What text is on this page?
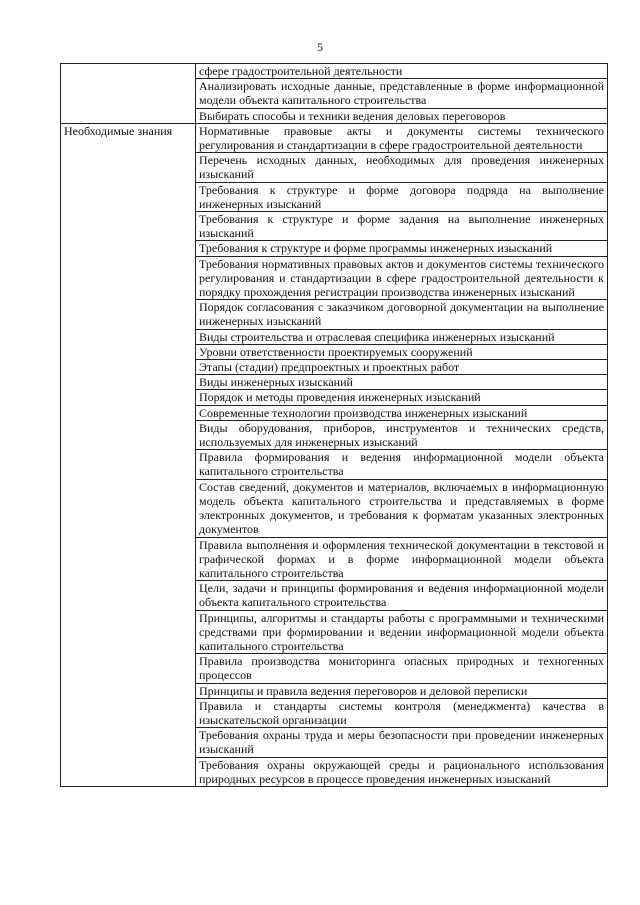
5
	сфере градостроительной деятельности
	Анализировать исходные данные, представленные в форме информационной модели объекта капитального строительства
	Выбирать способы и техники ведения деловых переговоров
Необходимые знания	Нормативные правовые акты и документы системы технического регулирования и стандартизации в сфере градостроительной деятельности
	Перечень исходных данных, необходимых для проведения инженерных изысканий
	Требования к структуре и форме договора подряда на выполнение инженерных изысканий
	Требования к структуре и форме задания на выполнение инженерных изысканий
	Требования к структуре и форме программы инженерных изысканий
	Требования нормативных правовых актов и документов системы технического регулирования и стандартизации в сфере градостроительной деятельности к порядку прохождения регистрации производства инженерных изысканий
	Порядок согласования с заказчиком договорной документации на выполнение инженерных изысканий
	Виды строительства и отраслевая специфика инженерных изысканий
	Уровни ответственности проектируемых сооружений
	Этапы (стадии) предпроектных и проектных работ
	Виды инженерных изысканий
	Порядок и методы проведения инженерных изысканий
	Современные технологии производства инженерных изысканий
	Виды оборудования, приборов, инструментов и технических средств, используемых для инженерных изысканий
	Правила формирования и ведения информационной модели объекта капитального строительства
	Состав сведений, документов и материалов, включаемых в информационную модель объекта капитального строительства и представляемых в форме электронных документов, и требования к форматам указанных электронных документов
	Правила выполнения и оформления технической документации в текстовой и графической формах и в форме информационной модели объекта капитального строительства
	Цели, задачи и принципы формирования и ведения информационной модели объекта капитального строительства
	Принципы, алгоритмы и стандарты работы с программными и техническими средствами при формировании и ведении информационной модели объекта капитального строительства
	Правила производства мониторинга опасных природных и техногенных процессов
	Принципы и правила ведения переговоров и деловой переписки
	Правила и стандарты системы контроля (менеджмента) качества в изыскательской организации
	Требования охраны труда и меры безопасности при проведении инженерных изысканий
	Требования охраны окружающей среды и рационального использования природных ресурсов в процессе проведения инженерных изысканий
